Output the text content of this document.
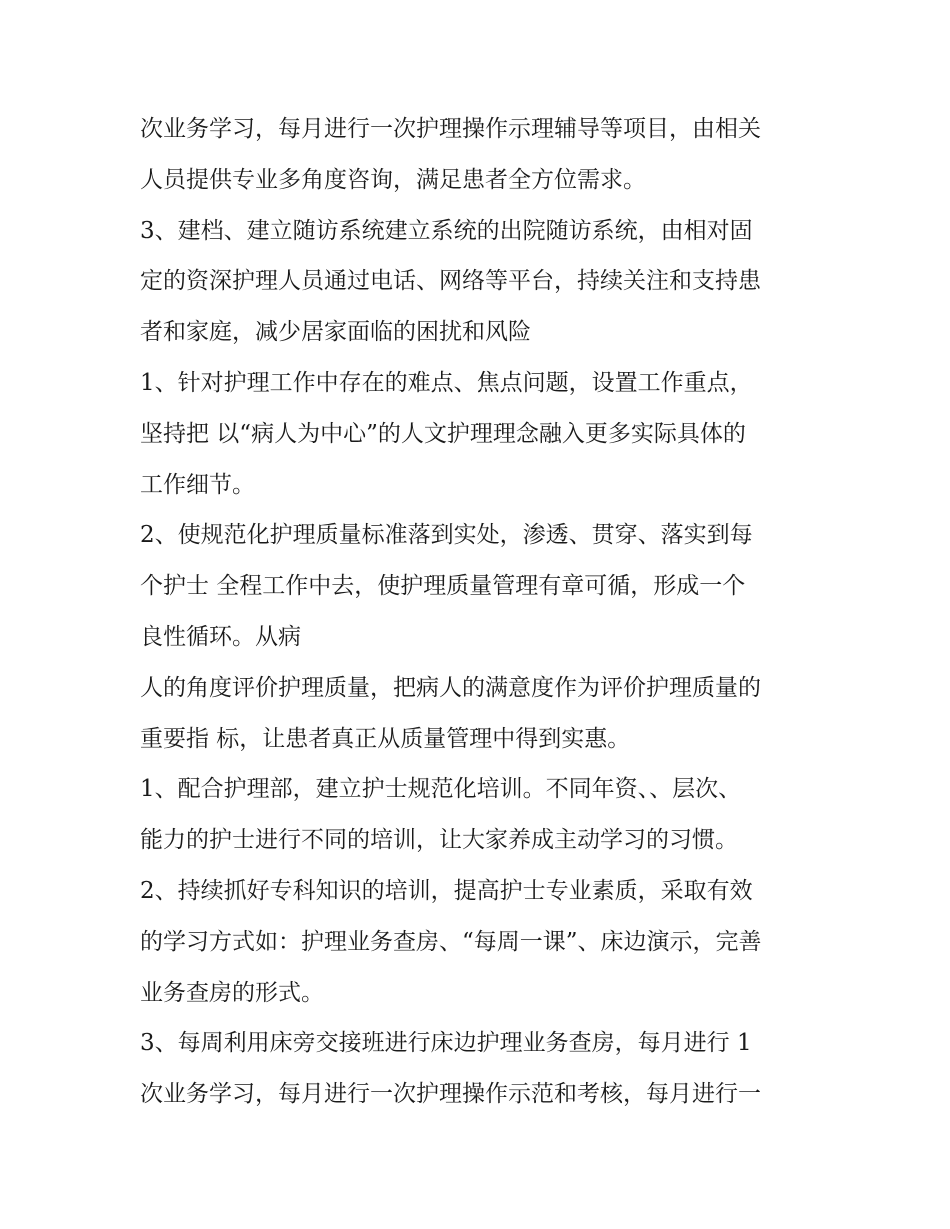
次业务学习，每月进行一次护理操作示理辅导等项目，由相关
人员提供专业多角度咨询，满足患者全方位需求。
3、建档、建立随访系统建立系统的出院随访系统，由相对固
定的资深护理人员通过电话、网络等平台，持续关注和支持患
者和家庭，减少居家面临的困扰和风险
1、针对护理工作中存在的难点、焦点问题，设置工作重点，
坚持把 以“病人为中心”的人文护理理念融入更多实际具体的
工作细节。
2、使规范化护理质量标准落到实处，渗透、贯穿、落实到每
个护士 全程工作中去，使护理质量管理有章可循，形成一个
良性循环。从病
人的角度评价护理质量，把病人的满意度作为评价护理质量的
重要指 标，让患者真正从质量管理中得到实惠。
1、配合护理部，建立护士规范化培训。不同年资、、层次、
能力的护士进行不同的培训，让大家养成主动学习的习惯。
2、持续抓好专科知识的培训，提高护士专业素质，采取有效
的学习方式如：护理业务查房、“每周一课”、床边演示，完善
业务查房的形式。
3、每周利用床旁交接班进行床边护理业务查房，每月进行 1
次业务学习，每月进行一次护理操作示范和考核，每月进行一
